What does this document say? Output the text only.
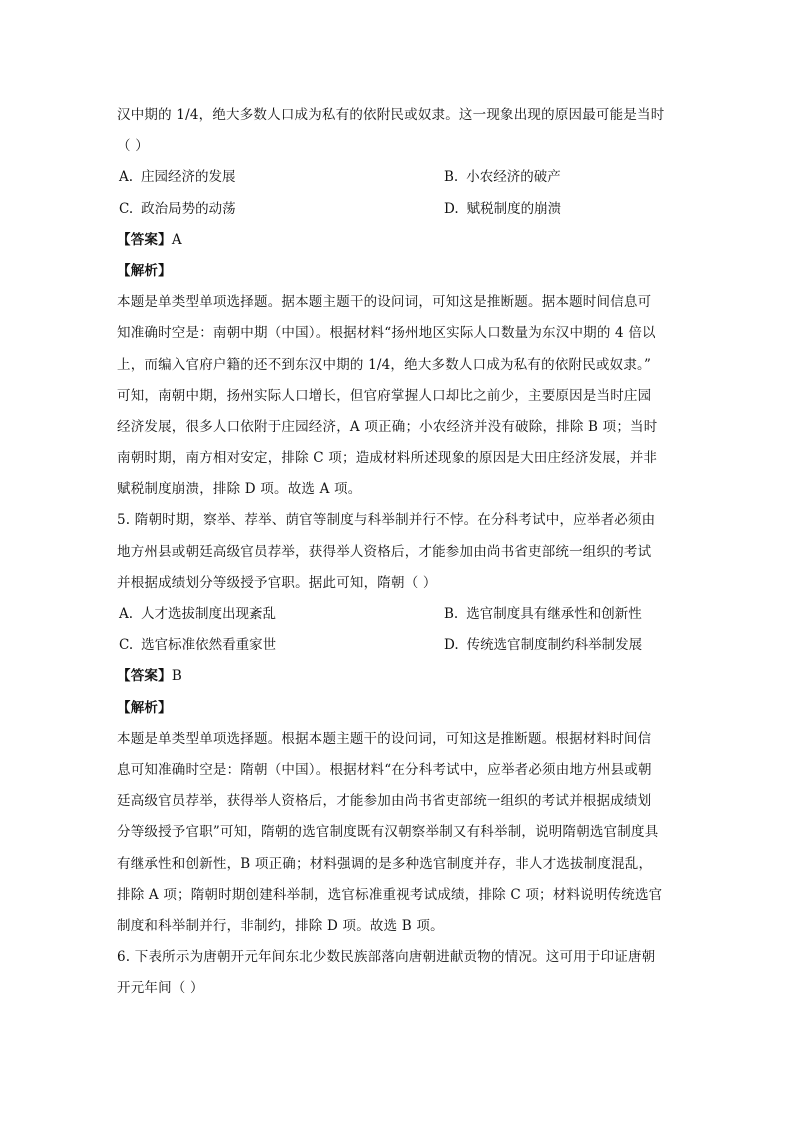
汉中期的 1/4，绝大多数人口成为私有的依附民或奴隶。这一现象出现的原因最可能是当时
（ ）
A. 庄园经济的发展	B. 小农经济的破产
C. 政治局势的动荡	D. 赋税制度的崩溃
【答案】A
【解析】
本题是单类型单项选择题。据本题主题干的设问词，可知这是推断题。据本题时间信息可
知准确时空是：南朝中期（中国）。根据材料“扬州地区实际人口数量为东汉中期的 4 倍以
上，而编入官府户籍的还不到东汉中期的 1/4，绝大多数人口成为私有的依附民或奴隶。”
可知，南朝中期，扬州实际人口增长，但官府掌握人口却比之前少，主要原因是当时庄园
经济发展，很多人口依附于庄园经济，A 项正确；小农经济并没有破除，排除 B 项；当时
南朝时期，南方相对安定，排除 C 项；造成材料所述现象的原因是大田庄经济发展，并非
赋税制度崩溃，排除 D 项。故选 A 项。
5. 隋朝时期，察举、荐举、荫官等制度与科举制并行不悖。在分科考试中，应举者必须由
地方州县或朝廷高级官员荐举，获得举人资格后，才能参加由尚书省吏部统一组织的考试
并根据成绩划分等级授予官职。据此可知，隋朝（ ）
A. 人才选拔制度出现紊乱	B. 选官制度具有继承性和创新性
C. 选官标准依然看重家世	D. 传统选官制度制约科举制发展
【答案】B
【解析】
本题是单类型单项选择题。根据本题主题干的设问词，可知这是推断题。根据材料时间信
息可知准确时空是：隋朝（中国）。根据材料“在分科考试中，应举者必须由地方州县或朝
廷高级官员荐举，获得举人资格后，才能参加由尚书省吏部统一组织的考试并根据成绩划
分等级授予官职”可知，隋朝的选官制度既有汉朝察举制又有科举制，说明隋朝选官制度具
有继承性和创新性，B 项正确；材料强调的是多种选官制度并存，非人才选拔制度混乱，
排除 A 项；隋朝时期创建科举制，选官标准重视考试成绩，排除 C 项；材料说明传统选官
制度和科举制并行，非制约，排除 D 项。故选 B 项。
6. 下表所示为唐朝开元年间东北少数民族部落向唐朝进献贡物的情况。这可用于印证唐朝
开元年间（ ）
